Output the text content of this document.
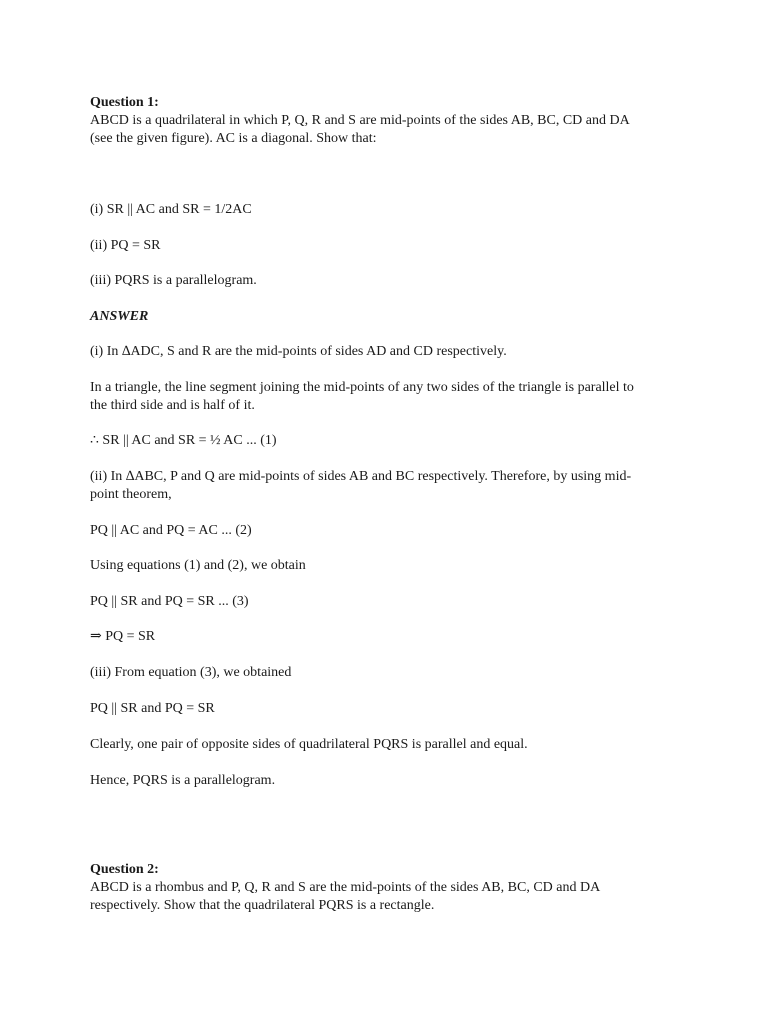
Question 1:

ABCD is a quadrilateral in which P, Q, R and S are mid-points of the sides AB, BC, CD and DA

(see the given figure). AC is a diagonal. Show that:

(i) SR || AC and SR = 1/2AC

(ii) PQ = SR

(iii) PQRS is a parallelogram.

ANSWER

(i) In ∆ADC, S and R are the mid-points of sides AD and CD respectively.

In a triangle, the line segment joining the mid-points of any two sides of the triangle is parallel to

the third side and is half of it.

∴ SR || AC and SR = ½ AC ... (1)

(ii) In ∆ABC, P and Q are mid-points of sides AB and BC respectively. Therefore, by using mid-

point theorem,

PQ || AC and PQ = AC ... (2)

Using equations (1) and (2), we obtain

PQ || SR and PQ = SR ... (3)

⇒ PQ = SR

(iii) From equation (3), we obtained

PQ || SR and PQ = SR

Clearly, one pair of opposite sides of quadrilateral PQRS is parallel and equal.

Hence, PQRS is a parallelogram.

Question 2:

ABCD is a rhombus and P, Q, R and S are the mid-points of the sides AB, BC, CD and DA

respectively. Show that the quadrilateral PQRS is a rectangle.
